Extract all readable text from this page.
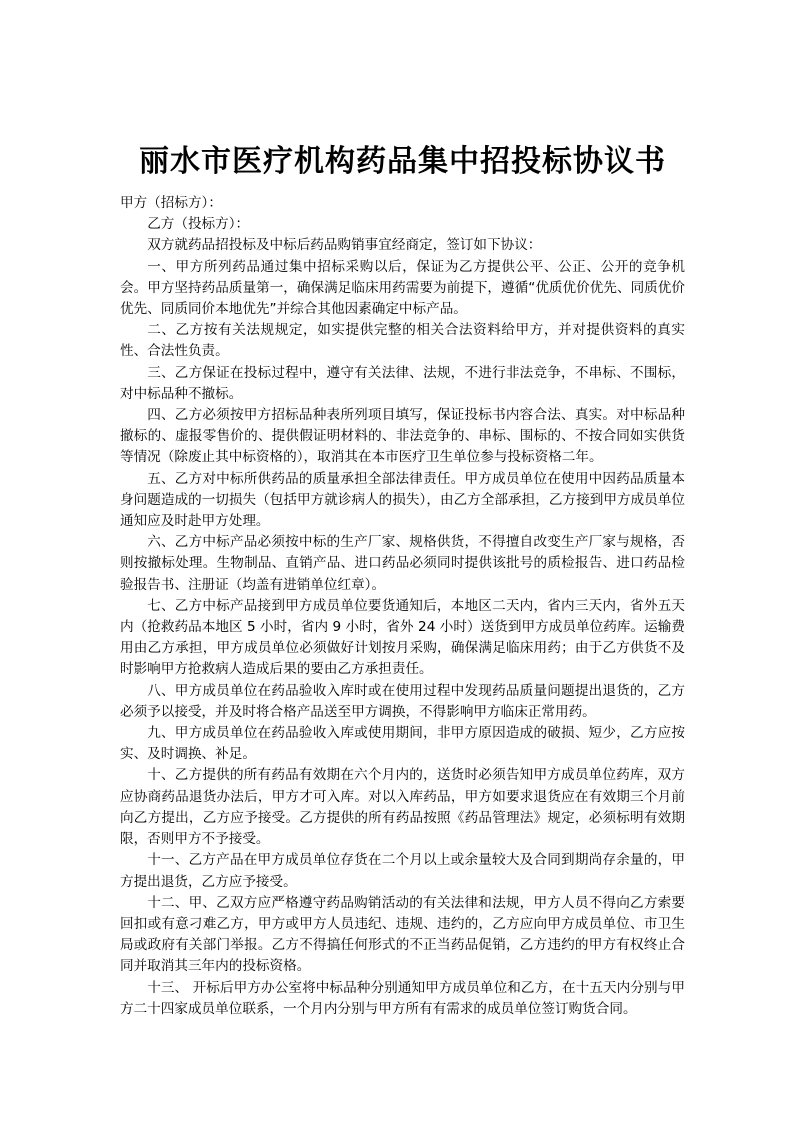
丽水市医疗机构药品集中招投标协议书

甲方（招标方）：

乙方（投标方）：

双方就药品招投标及中标后药品购销事宜经商定，签订如下协议：

一、甲方所列药品通过集中招标采购以后，保证为乙方提供公平、公正、公开的竞争机会。甲方坚持药品质量第一，确保满足临床用药需要为前提下，遵循“优质优价优先、同质优价优先、同质同价本地优先”并综合其他因素确定中标产品。

二、乙方按有关法规规定，如实提供完整的相关合法资料给甲方，并对提供资料的真实性、合法性负责。

三、乙方保证在投标过程中，遵守有关法律、法规，不进行非法竞争，不串标、不围标，对中标品种不撤标。

四、乙方必须按甲方招标品种表所列项目填写，保证投标书内容合法、真实。对中标品种撤标的、虚报零售价的、提供假证明材料的、非法竞争的、串标、围标的、不按合同如实供货等情况（除废止其中标资格的），取消其在本市医疗卫生单位参与投标资格二年。

五、乙方对中标所供药品的质量承担全部法律责任。甲方成员单位在使用中因药品质量本身问题造成的一切损失（包括甲方就诊病人的损失），由乙方全部承担，乙方接到甲方成员单位通知应及时赴甲方处理。

六、乙方中标产品必须按中标的生产厂家、规格供货，不得擅自改变生产厂家与规格，否则按撤标处理。生物制品、直销产品、进口药品必须同时提供该批号的质检报告、进口药品检验报告书、注册证（均盖有进销单位红章）。

七、乙方中标产品接到甲方成员单位要货通知后，本地区二天内，省内三天内，省外五天内（抢救药品本地区 5 小时，省内 9 小时，省外 24 小时）送货到甲方成员单位药库。运输费用由乙方承担，甲方成员单位必须做好计划按月采购，确保满足临床用药；由于乙方供货不及时影响甲方抢救病人造成后果的要由乙方承担责任。

八、甲方成员单位在药品验收入库时或在使用过程中发现药品质量问题提出退货的，乙方必须予以接受，并及时将合格产品送至甲方调换，不得影响甲方临床正常用药。

九、甲方成员单位在药品验收入库或使用期间，非甲方原因造成的破损、短少，乙方应按实、及时调换、补足。

十、乙方提供的所有药品有效期在六个月内的，送货时必须告知甲方成员单位药库，双方应协商药品退货办法后，甲方才可入库。对以入库药品，甲方如要求退货应在有效期三个月前向乙方提出，乙方应予接受。乙方提供的所有药品按照《药品管理法》规定，必须标明有效期限，否则甲方不予接受。

十一、乙方产品在甲方成员单位存货在二个月以上或余量较大及合同到期尚存余量的，甲方提出退货，乙方应予接受。

十二、甲、乙双方应严格遵守药品购销活动的有关法律和法规，甲方人员不得向乙方索要回扣或有意刁难乙方，甲方或甲方人员违纪、违规、违约的，乙方应向甲方成员单位、市卫生局或政府有关部门举报。乙方不得搞任何形式的不正当药品促销，乙方违约的甲方有权终止合同并取消其三年内的投标资格。

十三、 开标后甲方办公室将中标品种分别通知甲方成员单位和乙方，在十五天内分别与甲方二十四家成员单位联系，一个月内分别与甲方所有有需求的成员单位签订购货合同。
